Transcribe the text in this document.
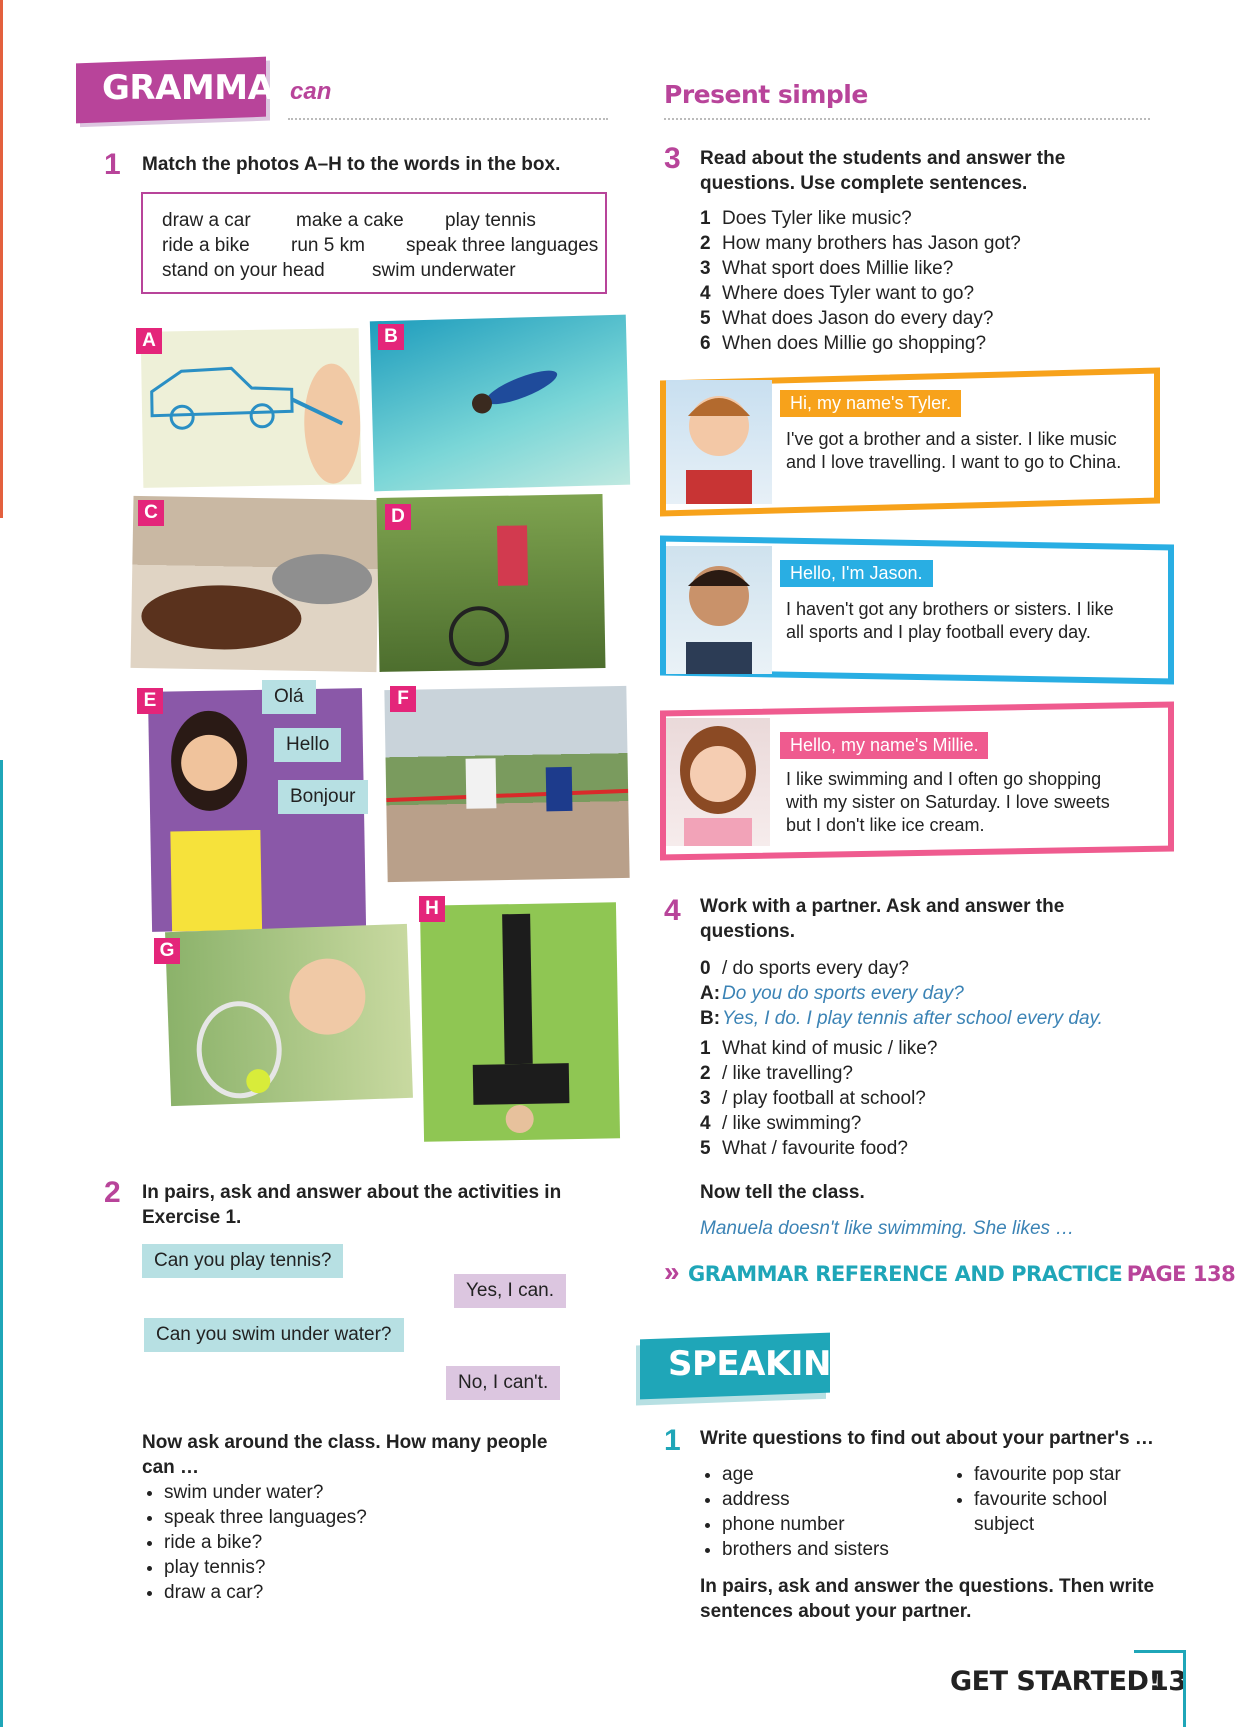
GRAMMAR
can	Present simple
1 Match the photos A–H to the words in the box.
draw a car make a cake play tennis
ride a bike run 5 km speak three languages
stand on your head swim underwater
A	B
C	D
E	Olá
Hello
Bonjour
F
G
H
2 In pairs, ask and answer about the activities in Exercise 1.
Can you play tennis?
Yes, I can.
Can you swim under water?
No, I can't.
Now ask around the class. How many people can …
• swim under water?
• speak three languages?
• ride a bike?
• play tennis?
• draw a car?
3 Read about the students and answer the questions. Use complete sentences.
1 Does Tyler like music?
2 How many brothers has Jason got?
3 What sport does Millie like?
4 Where does Tyler want to go?
5 What does Jason do every day?
6 When does Millie go shopping?
Hi, my name's Tyler.
I've got a brother and a sister. I like music and I love travelling. I want to go to China.
Hello, I'm Jason.
I haven't got any brothers or sisters. I like all sports and I play football every day.
Hello, my name's Millie.
I like swimming and I often go shopping with my sister on Saturday. I love sweets but I don't like ice cream.
4 Work with a partner. Ask and answer the questions.
0 / do sports every day?
A: Do you do sports every day?
B: Yes, I do. I play tennis after school every day.
1 What kind of music / like?
2 / like travelling?
3 / play football at school?
4 / like swimming?
5 What / favourite food?
Now tell the class.
Manuela doesn't like swimming. She likes …
» GRAMMAR REFERENCE AND PRACTICE PAGE 138
SPEAKING
1 Write questions to find out about your partner's …
• age
• address
• phone number
• brothers and sisters
• favourite pop star
• favourite school subject
In pairs, ask and answer the questions. Then write sentences about your partner.
GET STARTED!
13
